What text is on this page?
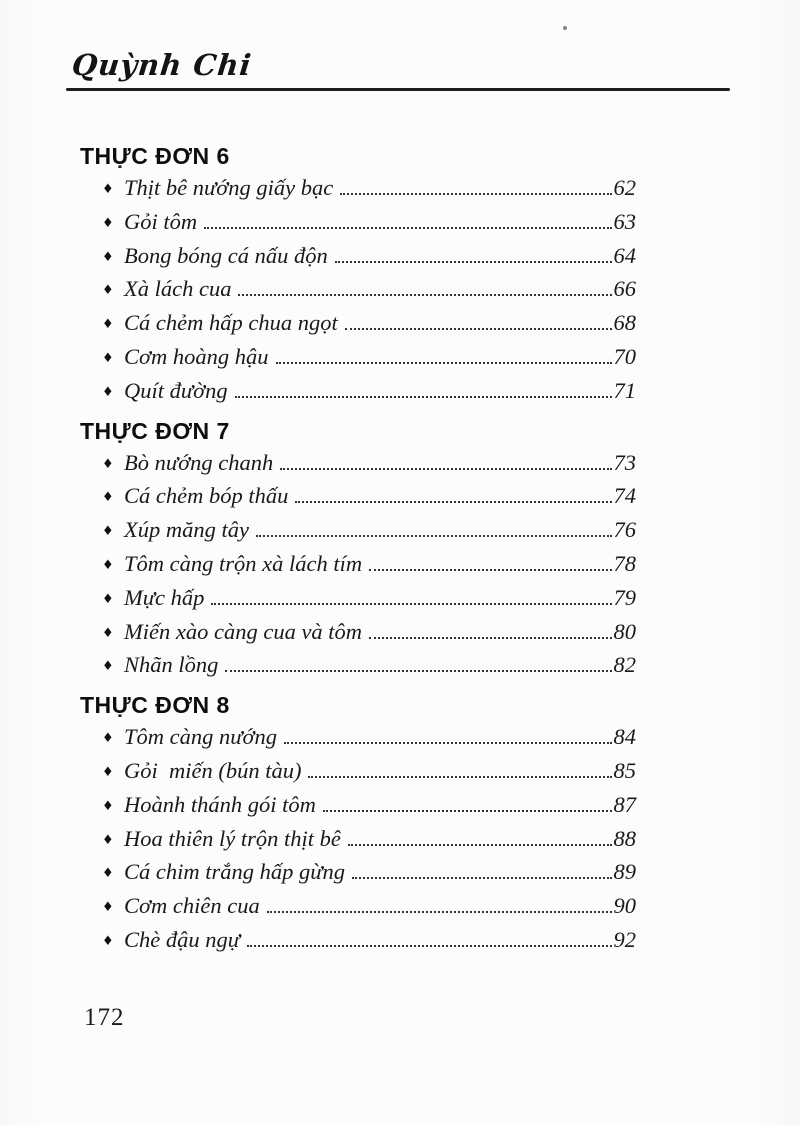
Quỳnh Chi
THỰC ĐƠN 6
♦ Thịt bê nướng giấy bạc	62
♦ Gỏi tôm	63
♦ Bong bóng cá nấu độn	64
♦ Xà lách cua	66
♦ Cá chẻm hấp chua ngọt	68
♦ Cơm hoàng hậu	70
♦ Quít đường	71
THỰC ĐƠN 7
♦ Bò nướng chanh	73
♦ Cá chẻm bóp thấu	74
♦ Xúp măng tây	76
♦ Tôm càng trộn xà lách tím	78
♦ Mực hấp	79
♦ Miến xào càng cua và tôm	80
♦ Nhãn lồng	82
THỰC ĐƠN 8
♦ Tôm càng nướng	84
♦ Gỏi  miến (bún tàu)	85
♦ Hoành thánh gói tôm	87
♦ Hoa thiên lý trộn thịt bê	88
♦ Cá chim trắng hấp gừng	89
♦ Cơm chiên cua	90
♦ Chè đậu ngự	92
172
